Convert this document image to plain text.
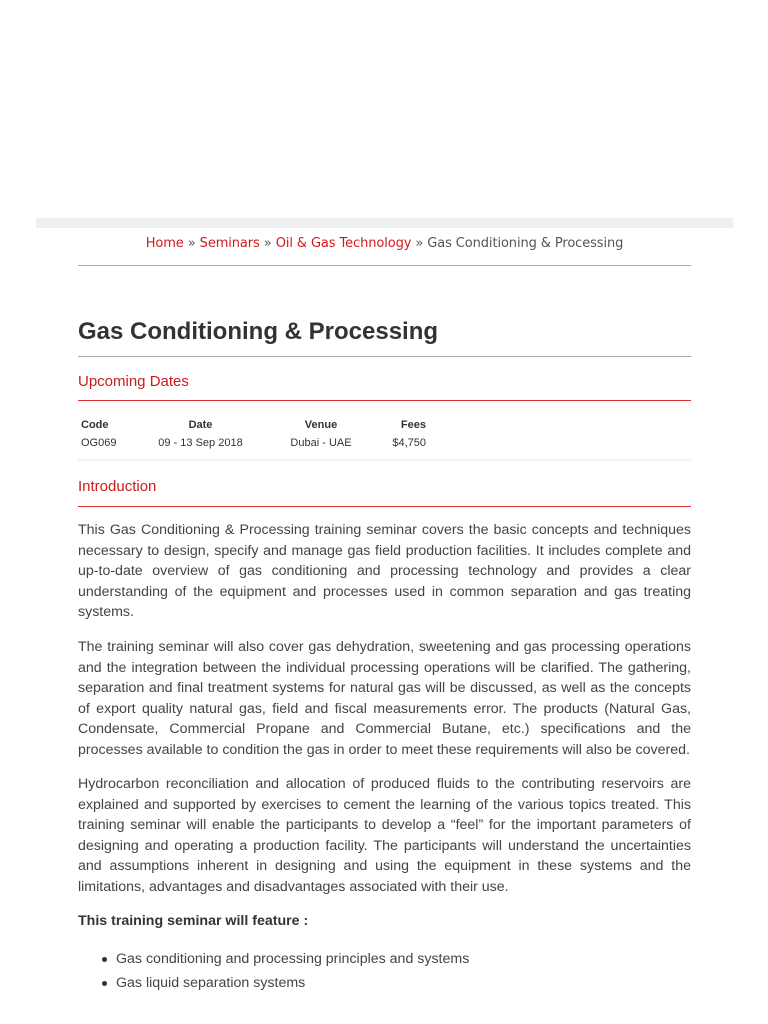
Home » Seminars » Oil & Gas Technology » Gas Conditioning & Processing
Gas Conditioning & Processing
Upcoming Dates
Code	Date	Venue	Fees
OG069	09 - 13 Sep 2018	Dubai - UAE	$4,750
Introduction

This Gas Conditioning & Processing training seminar covers the basic concepts and techniques necessary to design, specify and manage gas field production facilities. It includes complete and up-to-date overview of gas conditioning and processing technology and provides a clear understanding of the equipment and processes used in common separation and gas treating systems.

The training seminar will also cover gas dehydration, sweetening and gas processing operations and the integration between the individual processing operations will be clarified. The gathering, separation and final treatment systems for natural gas will be discussed, as well as the concepts of export quality natural gas, field and fiscal measurements error. The products (Natural Gas, Condensate, Commercial Propane and Commercial Butane, etc.) specifications and the processes available to condition the gas in order to meet these requirements will also be covered.

Hydrocarbon reconciliation and allocation of produced fluids to the contributing reservoirs are explained and supported by exercises to cement the learning of the various topics treated. This training seminar will enable the participants to develop a “feel” for the important parameters of designing and operating a production facility. The participants will understand the uncertainties and assumptions inherent in designing and using the equipment in these systems and the limitations, advantages and disadvantages associated with their use.

This training seminar will feature :

Gas conditioning and processing principles and systems
Gas liquid separation systems
